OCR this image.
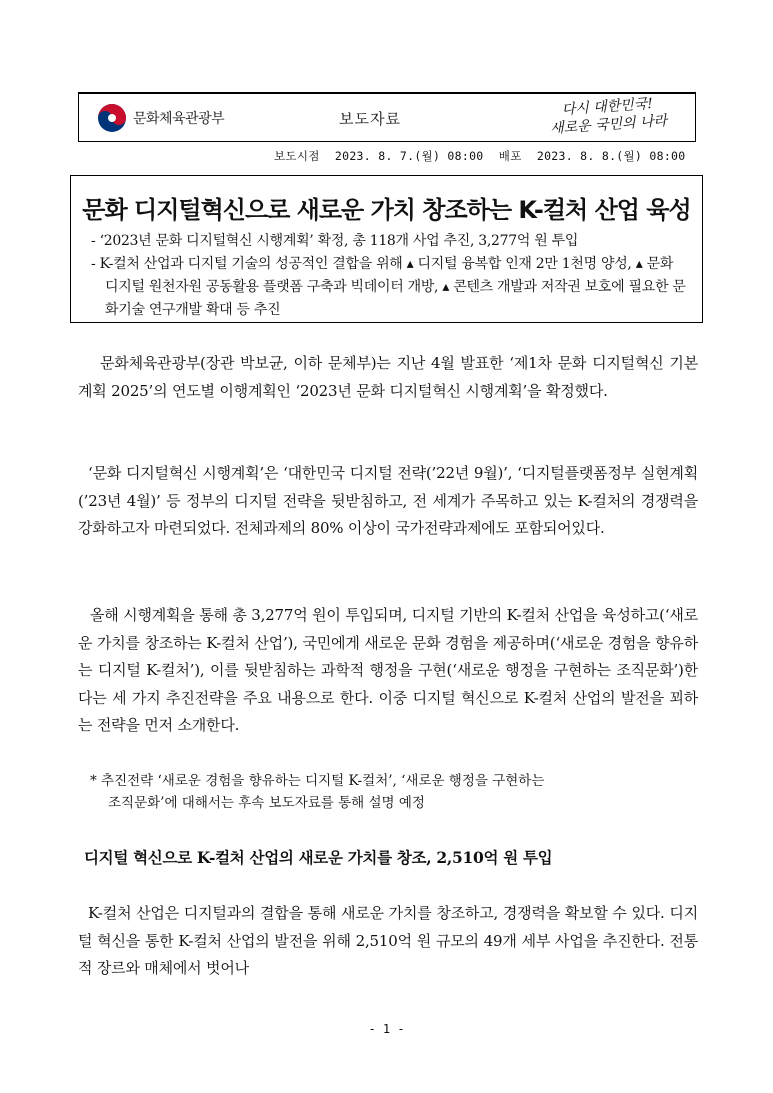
문화체육관광부	보도자료
다시 대한민국!
새로운 국민의 나라
보도시점 2023. 8. 7.(월) 08:00 배포 2023. 8. 8.(월) 08:00
문화 디지털혁신으로 새로운 가치 창조하는 K-컬처 산업 육성

- ‘2023년 문화 디지털혁신 시행계획’ 확정, 총 118개 사업 추진, 3,277억 원 투입

- K-컬처 산업과 디지털 기술의 성공적인 결합을 위해 ▴ 디지털 융복합 인재 2만 1천명 양성, ▴ 문화 디지털 원천자원 공동활용 플랫폼 구축과 빅데이터 개방, ▴ 콘텐츠 개발과 저작권 보호에 필요한 문화기술 연구개발 확대 등 추진

문화체육관광부(장관 박보균, 이하 문체부)는 지난 4월 발표한 ‘제1차 문화 디지털혁신 기본계획 2025’의 연도별 이행계획인 ‘2023년 문화 디지털혁신 시행계획’을 확정했다.

‘문화 디지털혁신 시행계획’은 ‘대한민국 디지털 전략(’22년 9월)’, ‘디지털플랫폼정부 실현계획(’23년 4월)’ 등 정부의 디지털 전략을 뒷받침하고, 전 세계가 주목하고 있는 K-컬처의 경쟁력을 강화하고자 마련되었다. 전체과제의 80% 이상이 국가전략과제에도 포함되어있다.

올해 시행계획을 통해 총 3,277억 원이 투입되며, 디지털 기반의 K-컬처 산업을 육성하고(‘새로운 가치를 창조하는 K-컬처 산업’), 국민에게 새로운 문화 경험을 제공하며(‘새로운 경험을 향유하는 디지털 K-컬처’), 이를 뒷받침하는 과학적 행정을 구현(‘새로운 행정을 구현하는 조직문화’)한다는 세 가지 추진전략을 주요 내용으로 한다. 이중 디지털 혁신으로 K-컬처 산업의 발전을 꾀하는 전략을 먼저 소개한다.

* 추진전략 ‘새로운 경험을 향유하는 디지털 K-컬처’, ‘새로운 행정을 구현하는

조직문화’에 대해서는 후속 보도자료를 통해 설명 예정

디지털 혁신으로 K-컬처 산업의 새로운 가치를 창조, 2,510억 원 투입

K-컬처 산업은 디지털과의 결합을 통해 새로운 가치를 창조하고, 경쟁력을 확보할 수 있다. 디지털 혁신을 통한 K-컬처 산업의 발전을 위해 2,510억 원 규모의 49개 세부 사업을 추진한다. 전통적 장르와 매체에서 벗어나

- 1 -
